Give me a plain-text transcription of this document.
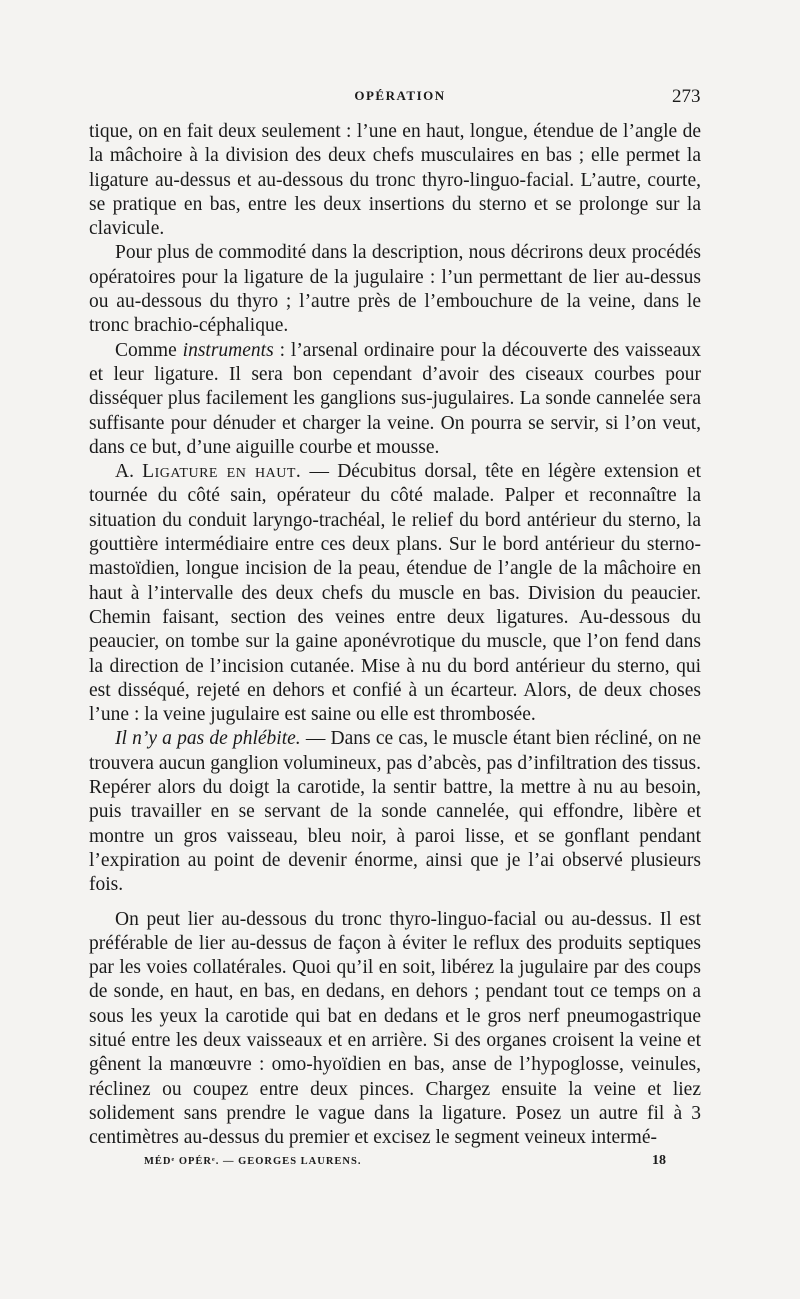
OPÉRATION	273

tique, on en fait deux seulement : l’une en haut, longue, étendue de l’angle de la mâchoire à la division des deux chefs musculaires en bas ; elle permet la ligature au-dessus et au-dessous du tronc thyro-linguo-facial. L’autre, courte, se pratique en bas, entre les deux insertions du sterno et se prolonge sur la clavicule.

Pour plus de commodité dans la description, nous décrirons deux procédés opératoires pour la ligature de la jugulaire : l’un permettant de lier au-dessus ou au-dessous du thyro ; l’autre près de l’embouchure de la veine, dans le tronc brachio-céphalique.

Comme instruments : l’arsenal ordinaire pour la découverte des vaisseaux et leur ligature. Il sera bon cependant d’avoir des ciseaux courbes pour disséquer plus facilement les ganglions sus-jugulaires. La sonde cannelée sera suffisante pour dénuder et charger la veine. On pourra se servir, si l’on veut, dans ce but, d’une aiguille courbe et mousse.

A. Ligature en haut. — Décubitus dorsal, tête en légère extension et tournée du côté sain, opérateur du côté malade. Palper et reconnaître la situation du conduit laryngo-trachéal, le relief du bord antérieur du sterno, la gouttière intermédiaire entre ces deux plans. Sur le bord antérieur du sterno-mastoïdien, longue incision de la peau, étendue de l’angle de la mâchoire en haut à l’intervalle des deux chefs du muscle en bas. Division du peaucier. Chemin faisant, section des veines entre deux ligatures. Au-dessous du peaucier, on tombe sur la gaine aponévrotique du muscle, que l’on fend dans la direction de l’incision cutanée. Mise à nu du bord antérieur du sterno, qui est disséqué, rejeté en dehors et confié à un écarteur. Alors, de deux choses l’une : la veine jugulaire est saine ou elle est thrombosée.

Il n’y a pas de phlébite. — Dans ce cas, le muscle étant bien récliné, on ne trouvera aucun ganglion volumineux, pas d’abcès, pas d’infiltration des tissus. Repérer alors du doigt la carotide, la sentir battre, la mettre à nu au besoin, puis travailler en se servant de la sonde cannelée, qui effondre, libère et montre un gros vaisseau, bleu noir, à paroi lisse, et se gonflant pendant l’expiration au point de devenir énorme, ainsi que je l’ai observé plusieurs fois.

On peut lier au-dessous du tronc thyro-linguo-facial ou au-dessus. Il est préférable de lier au-dessus de façon à éviter le reflux des produits septiques par les voies collatérales. Quoi qu’il en soit, libérez la jugulaire par des coups de sonde, en haut, en bas, en dedans, en dehors ; pendant tout ce temps on a sous les yeux la carotide qui bat en dedans et le gros nerf pneumogastrique situé entre les deux vaisseaux et en arrière. Si des organes croisent la veine et gênent la manœuvre : omo-hyoïdien en bas, anse de l’hypoglosse, veinules, réclinez ou coupez entre deux pinces. Chargez ensuite la veine et liez solidement sans prendre le vague dans la ligature. Posez un autre fil à 3 centimètres au-dessus du premier et excisez le segment veineux intermé-

MÉDᵉ OPÉRᵉ. — GEORGES LAURENS.	18
